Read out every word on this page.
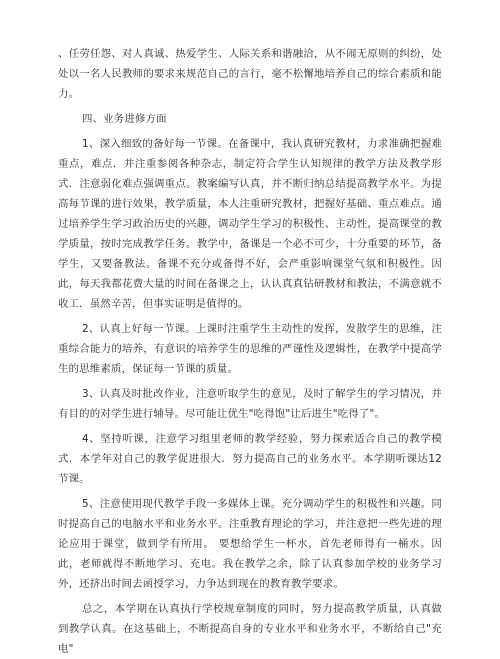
、任劳任怨、对人真诚、热爱学生、人际关系和谐融洽，从不闹无原则的纠纷，处处以一名人民教师的要求来规范自己的言行，毫不松懈地培养自己的综合素质和能力。

四、业务进修方面

1、深入细致的备好每一节课。在备课中，我认真研究教材，力求准确把握难重点，难点．并注重参阅各种杂志，制定符合学生认知规律的教学方法及教学形式．注意弱化难点强调重点。教案编写认真，并不断归纳总结提高教学水平。为提高每节课的进行效果，教学质量，本人注重研究教材，把握好基础、重点难点。通过培养学生学习政治历史的兴趣，调动学生学习的积极性、主动性，提高课堂的教学质量，按时完成教学任务。教学中，备课是一个必不可少，十分重要的环节，备学生，又要备教法。备课不充分或备得不好，会严重影响课堂气氛和积极性。因此，每天我都花费大量的时间在备课之上，认认真真钻研教材和教法，不满意就不收工．虽然辛苦，但事实证明是值得的。

2、认真上好每一节课。上课时注重学生主动性的发挥，发散学生的思维，注重综合能力的培养，有意识的培养学生的思维的严谨性及逻辑性，在教学中提高学生的思维素质，保证每一节课的质量。

3、认真及时批改作业，注意听取学生的意见，及时了解学生的学习情况，并有目的的对学生进行辅导。尽可能让优生"吃得饱"让后进生"吃得了"。

4、坚持听课，注意学习组里老师的教学经验，努力探索适合自己的教学模式．本学年对自己的教学促进很大．努力提高自己的业务水平。本学期听课达12节课。

5、注意使用现代教学手段一多媒体上课。充分调动学生的积极性和兴趣。同时提高自己的电脑水平和业务水平。注重教育理论的学习，并注意把一些先进的理论应用于课堂，做到学有所用。 要想给学生一杯水，首先老师得有一桶水。因此，老师就得不断地学习、充电。我在教学之余，除了认真参加学校的业务学习外，还挤出时间去函授学习，力争达到现在的教育教学要求。

总之，本学期在认真执行学校规章制度的同时，努力提高教学质量，认真做到教学认真。在这基础上，不断提高自身的专业水平和业务水平，不断给自己"充电"
